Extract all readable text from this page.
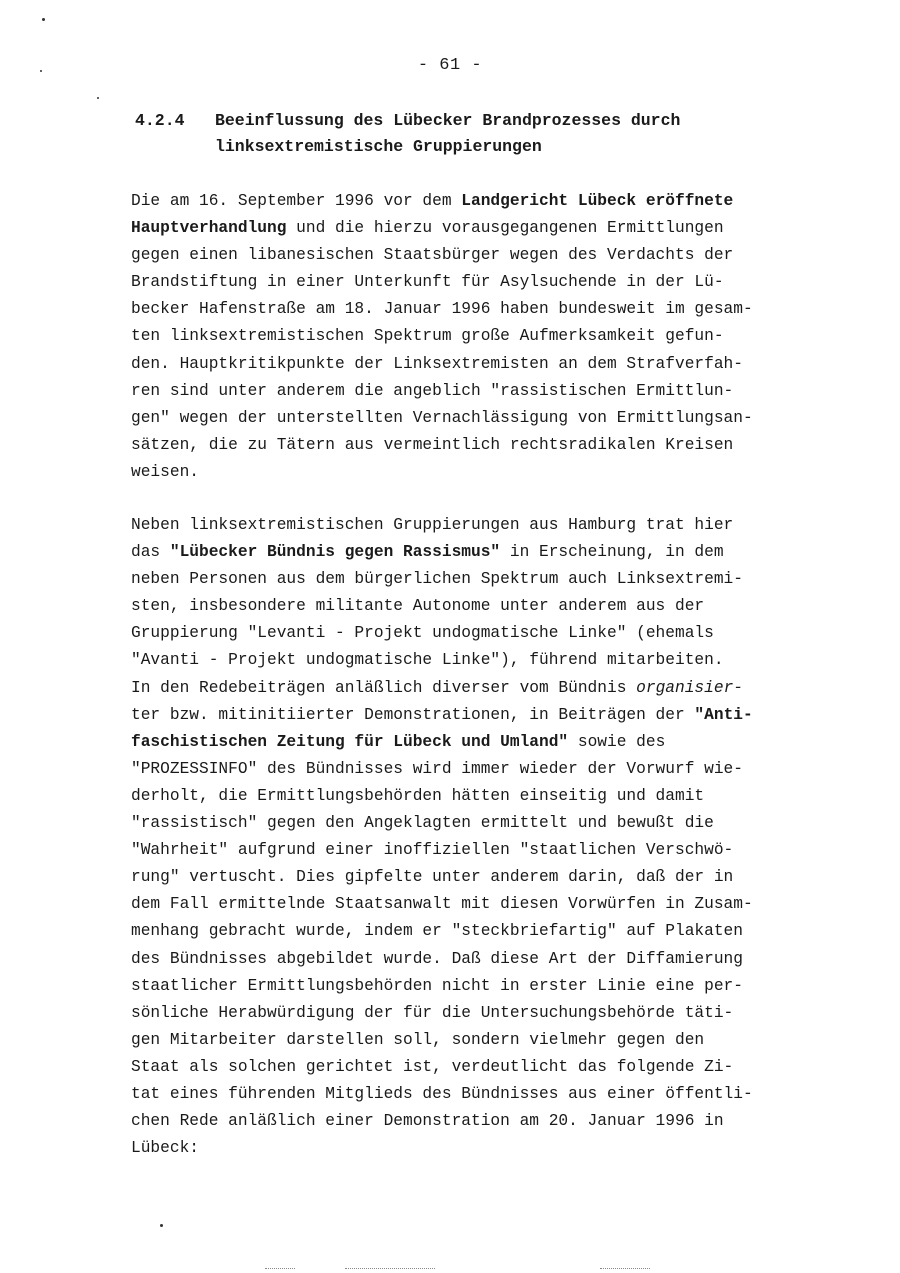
- 61 -
4.2.4	Beeinflussung des Lübecker Brandprozesses durch
linksextremistische Gruppierungen
Die am 16. September 1996 vor dem Landgericht Lübeck eröffnete
Hauptverhandlung und die hierzu vorausgegangenen Ermittlungen
gegen einen libanesischen Staatsbürger wegen des Verdachts der
Brandstiftung in einer Unterkunft für Asylsuchende in der Lü-
becker Hafenstraße am 18. Januar 1996 haben bundesweit im gesam-
ten linksextremistischen Spektrum große Aufmerksamkeit gefun-
den. Hauptkritikpunkte der Linksextremisten an dem Strafverfah-
ren sind unter anderem die angeblich "rassistischen Ermittlun-
gen" wegen der unterstellten Vernachlässigung von Ermittlungsan-
sätzen, die zu Tätern aus vermeintlich rechtsradikalen Kreisen
weisen.
Neben linksextremistischen Gruppierungen aus Hamburg trat hier
das "Lübecker Bündnis gegen Rassismus" in Erscheinung, in dem
neben Personen aus dem bürgerlichen Spektrum auch Linksextremi-
sten, insbesondere militante Autonome unter anderem aus der
Gruppierung "Levanti - Projekt undogmatische Linke" (ehemals
"Avanti - Projekt undogmatische Linke"), führend mitarbeiten.
In den Redebeiträgen anläßlich diverser vom Bündnis organisier-
ter bzw. mitinitiierter Demonstrationen, in Beiträgen der "Anti-
faschistischen Zeitung für Lübeck und Umland" sowie des
"PROZESSINFO" des Bündnisses wird immer wieder der Vorwurf wie-
derholt, die Ermittlungsbehörden hätten einseitig und damit
"rassistisch" gegen den Angeklagten ermittelt und bewußt die
"Wahrheit" aufgrund einer inoffiziellen "staatlichen Verschwö-
rung" vertuscht. Dies gipfelte unter anderem darin, daß der in
dem Fall ermittelnde Staatsanwalt mit diesen Vorwürfen in Zusam-
menhang gebracht wurde, indem er "steckbriefartig" auf Plakaten
des Bündnisses abgebildet wurde. Daß diese Art der Diffamierung
staatlicher Ermittlungsbehörden nicht in erster Linie eine per-
sönliche Herabwürdigung der für die Untersuchungsbehörde täti-
gen Mitarbeiter darstellen soll, sondern vielmehr gegen den
Staat als solchen gerichtet ist, verdeutlicht das folgende Zi-
tat eines führenden Mitglieds des Bündnisses aus einer öffentli-
chen Rede anläßlich einer Demonstration am 20. Januar 1996 in
Lübeck:
